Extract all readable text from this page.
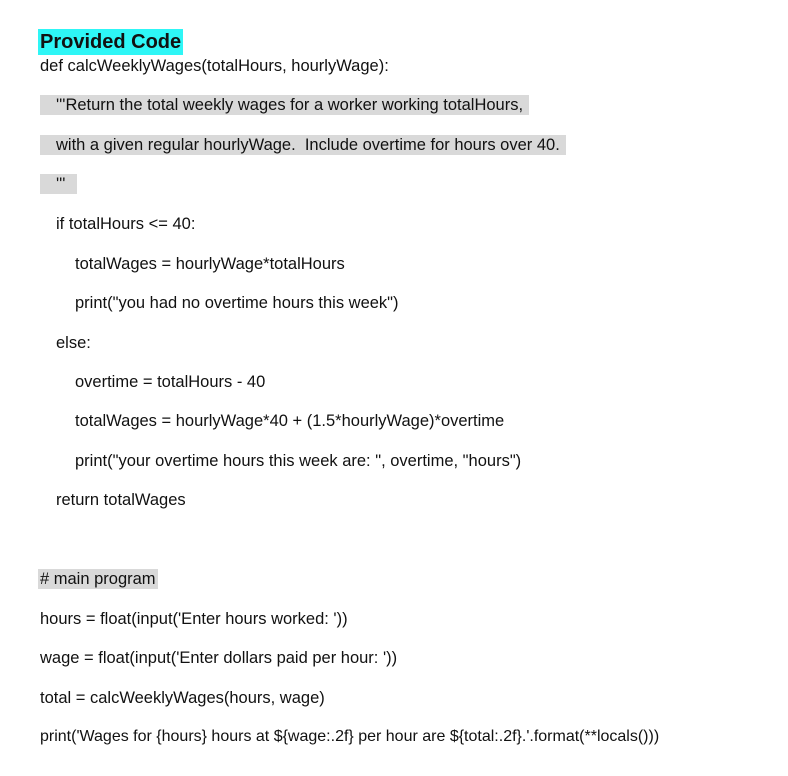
Provided Code
def calcWeeklyWages(totalHours, hourlyWage):
'''Return the total weekly wages for a worker working totalHours,
with a given regular hourlyWage.  Include overtime for hours over 40.
'''
if totalHours <= 40:
totalWages = hourlyWage*totalHours
print("you had no overtime hours this week")
else:
overtime = totalHours - 40
totalWages = hourlyWage*40 + (1.5*hourlyWage)*overtime
print("your overtime hours this week are: ", overtime, "hours")
return totalWages
# main program
hours = float(input('Enter hours worked: '))
wage = float(input('Enter dollars paid per hour: '))
total = calcWeeklyWages(hours, wage)
print('Wages for {hours} hours at ${wage:.2f} per hour are ${total:.2f}.'.format(**locals()))
